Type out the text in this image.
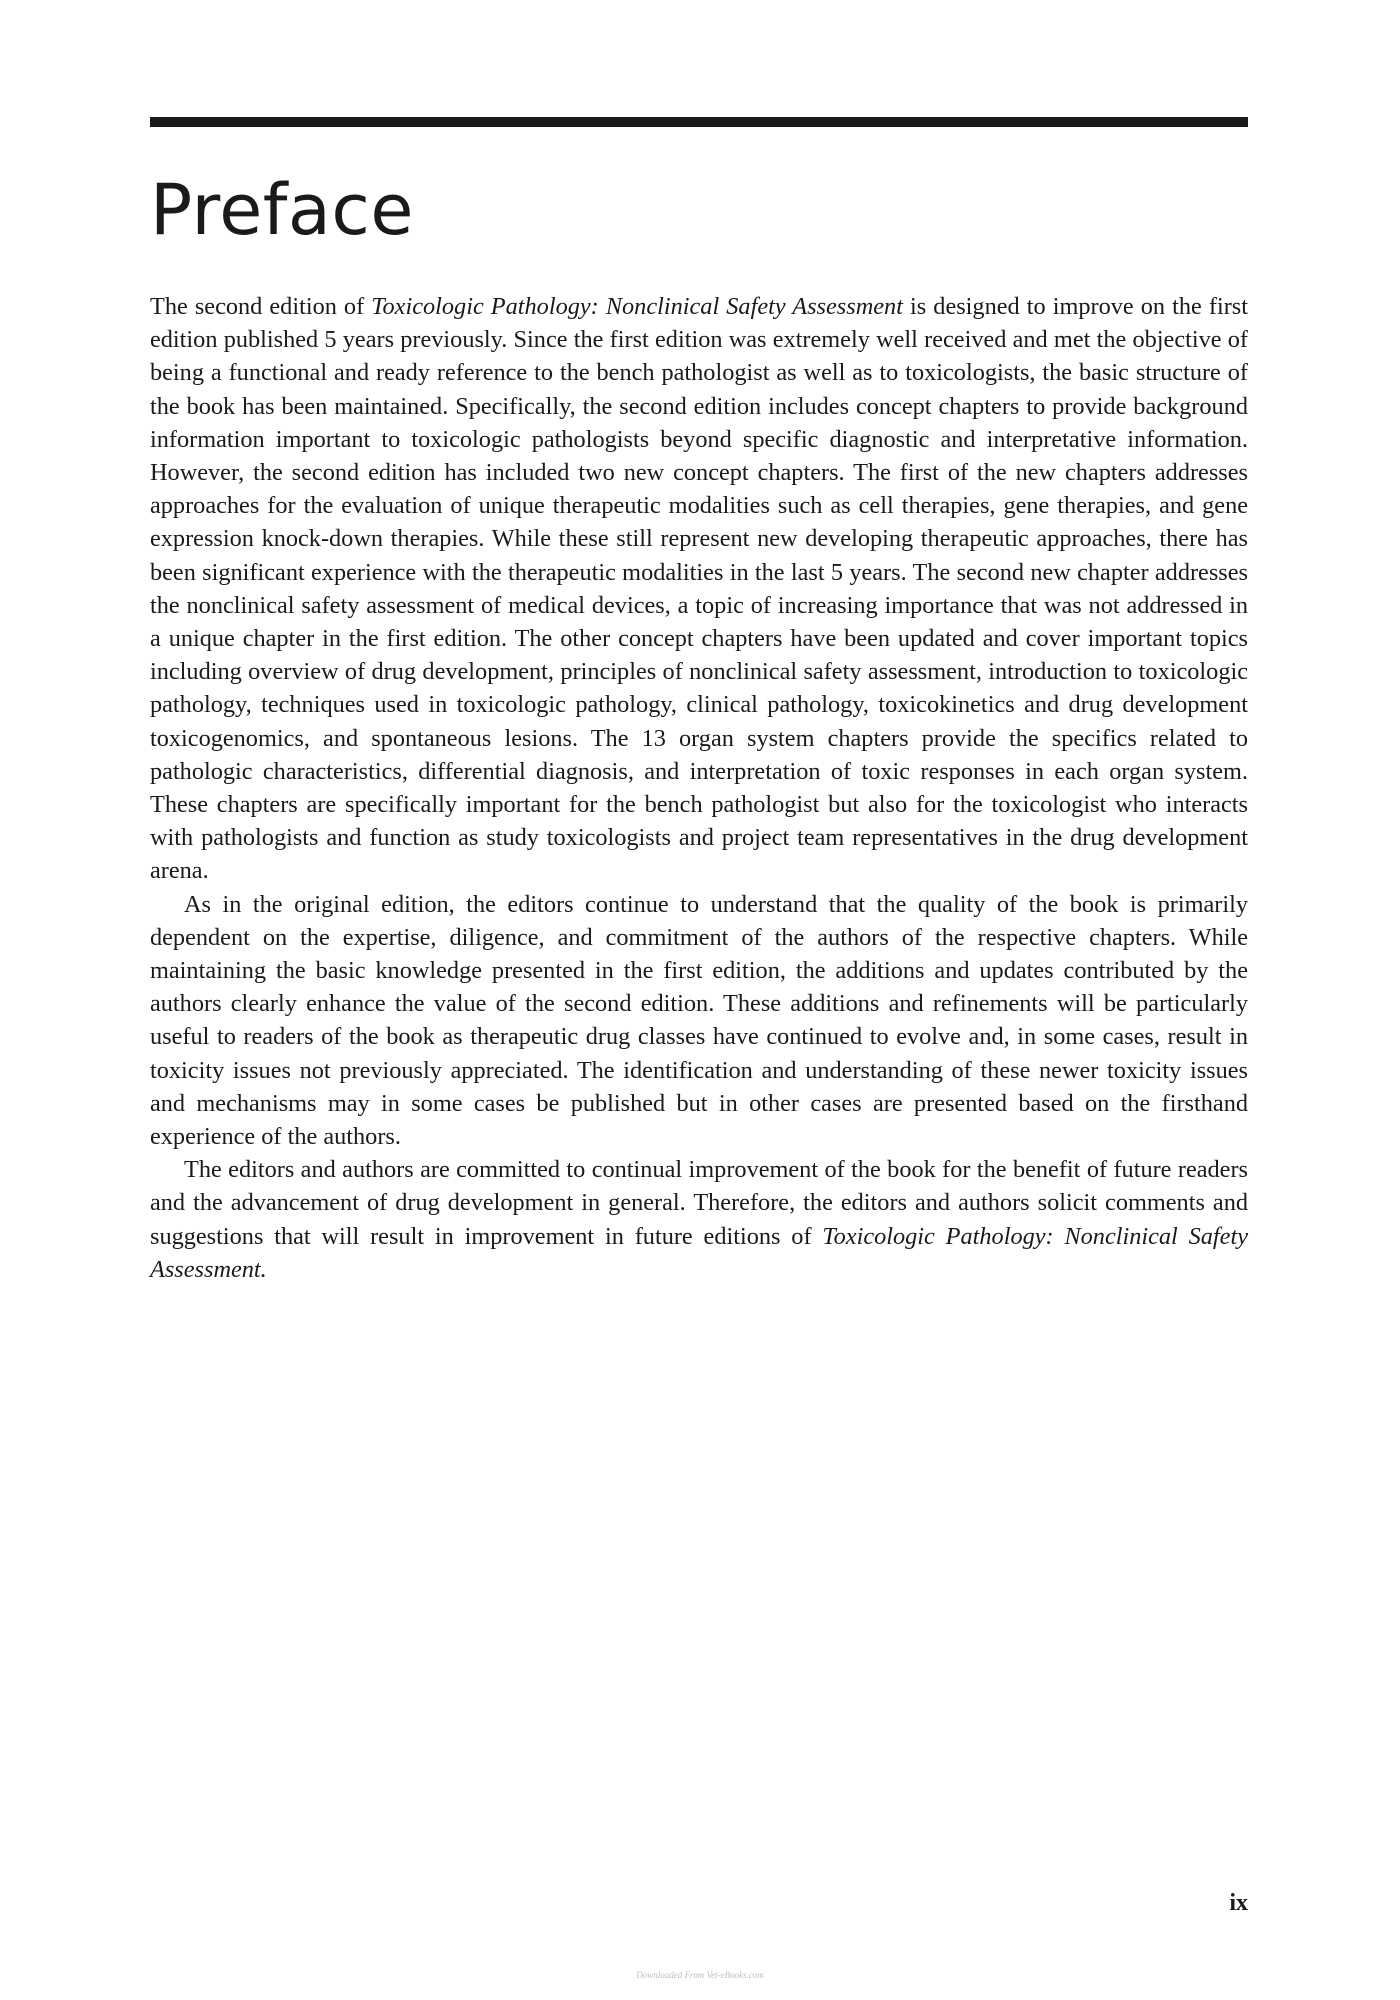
Preface

The second edition of Toxicologic Pathology: Nonclinical Safety Assessment is designed to improve on the first edition published 5 years previously. Since the first edition was extremely well received and met the objective of being a functional and ready reference to the bench pathologist as well as to toxicologists, the basic structure of the book has been maintained. Specifically, the second edition includes concept chapters to provide background information important to toxicologic pathologists beyond specific diagnostic and interpretative information. However, the second edition has included two new concept chapters. The first of the new chapters addresses approaches for the evaluation of unique therapeutic modalities such as cell therapies, gene therapies, and gene expression knock-down therapies. While these still represent new developing therapeutic approaches, there has been significant experience with the therapeutic modalities in the last 5 years. The second new chapter addresses the nonclinical safety assessment of medical devices, a topic of increasing importance that was not addressed in a unique chapter in the first edition. The other concept chapters have been updated and cover important topics including overview of drug development, principles of nonclinical safety assessment, introduction to toxicologic pathology, techniques used in toxicologic pathology, clinical pathology, toxicokinetics and drug development toxicogenomics, and spontaneous lesions. The 13 organ system chapters provide the specifics related to pathologic characteristics, differential diagnosis, and interpretation of toxic responses in each organ system. These chapters are specifically important for the bench pathologist but also for the toxicologist who interacts with pathologists and function as study toxicologists and project team representatives in the drug development arena.

As in the original edition, the editors continue to understand that the quality of the book is primarily dependent on the expertise, diligence, and commitment of the authors of the respective chapters. While maintaining the basic knowledge presented in the first edition, the additions and updates contributed by the authors clearly enhance the value of the second edition. These additions and refinements will be particularly useful to readers of the book as therapeutic drug classes have continued to evolve and, in some cases, result in toxicity issues not previously appreciated. The identification and understanding of these newer toxicity issues and mechanisms may in some cases be published but in other cases are presented based on the firsthand experience of the authors.

The editors and authors are committed to continual improvement of the book for the benefit of future readers and the advancement of drug development in general. Therefore, the editors and authors solicit comments and suggestions that will result in improvement in future editions of Toxicologic Pathology: Nonclinical Safety Assessment.

ix
Downloaded From Vet-eBooks.com
